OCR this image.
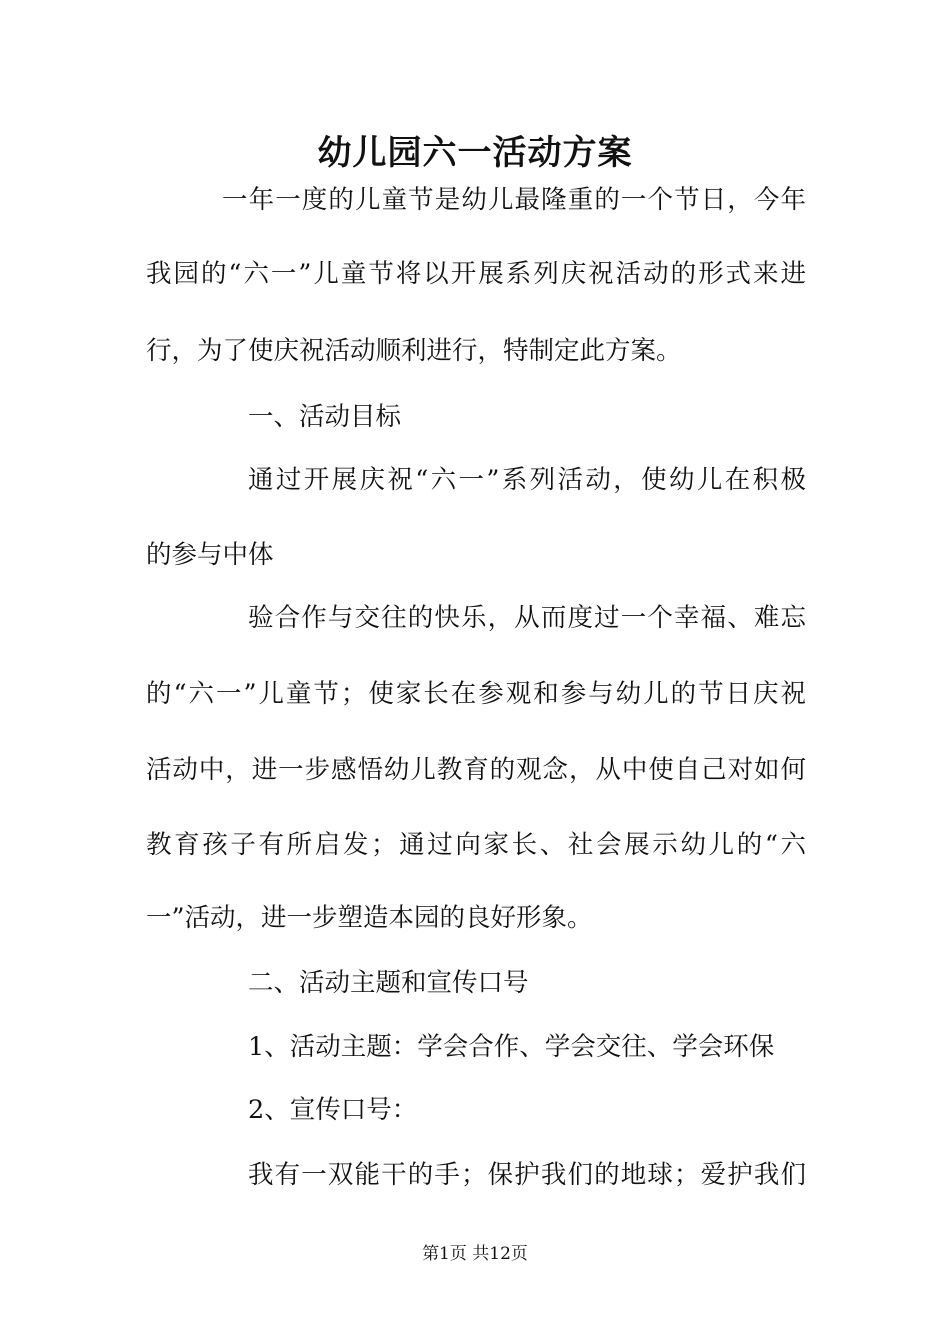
幼儿园六一活动方案
一年一度的儿童节是幼儿最隆重的一个节日，今年
我园的“六一”儿童节将以开展系列庆祝活动的形式来进
行，为了使庆祝活动顺利进行，特制定此方案。
一、活动目标
通过开展庆祝“六一”系列活动，使幼儿在积极
的参与中体
验合作与交往的快乐，从而度过一个幸福、难忘
的“六一”儿童节；使家长在参观和参与幼儿的节日庆祝
活动中，进一步感悟幼儿教育的观念，从中使自己对如何
教育孩子有所启发；通过向家长、社会展示幼儿的“六
一”活动，进一步塑造本园的良好形象。
二、活动主题和宣传口号
1、活动主题：学会合作、学会交往、学会环保
2、宣传口号：
我有一双能干的手；保护我们的地球；爱护我们
第1页 共12页
